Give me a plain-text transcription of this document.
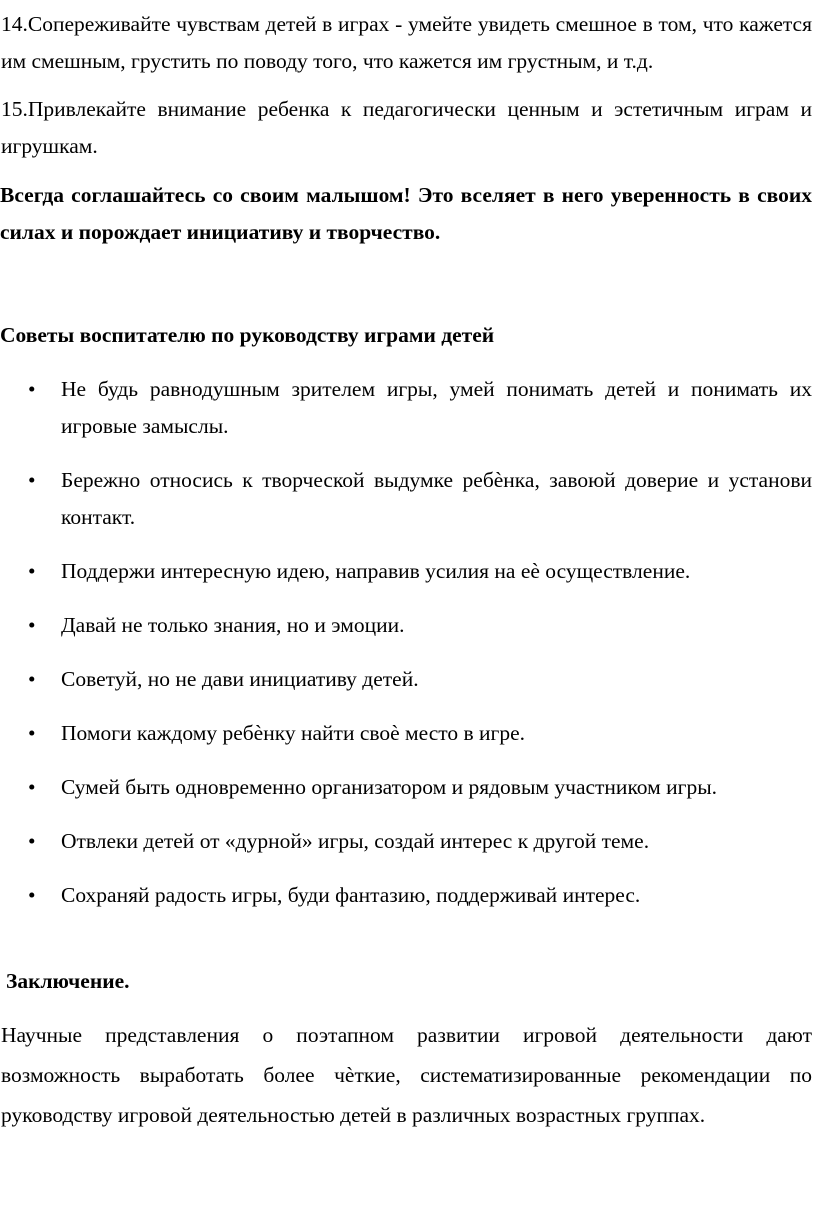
14.Сопереживайте чувствам детей в играх - умейте увидеть смешное в том, что кажется им смешным, грустить по поводу того, что кажется им грустным, и т.д.

15.Привлекайте внимание ребенка к педагогически ценным и эстетичным играм и игрушкам.

Всегда соглашайтесь со своим малышом! Это вселяет в него уверенность в своих силах и порождает инициативу и творчество.

Советы воспитателю по руководству играми детей
• Не будь равнодушным зрителем игры, умей понимать детей и понимать их игровые замыслы.
• Бережно относись к творческой выдумке ребѐнка, завоюй доверие и установи контакт.
• Поддержи интересную идею, направив усилия на еѐ осуществление.
• Давай не только знания, но и эмоции.
• Советуй, но не дави инициативу детей.
• Помоги каждому ребѐнку найти своѐ место в игре.
• Сумей быть одновременно организатором и рядовым участником игры.
• Отвлеки детей от «дурной» игры, создай интерес к другой теме.
• Сохраняй радость игры, буди фантазию, поддерживай интерес.
Заключение.

Научные представления о поэтапном развитии игровой деятельности дают возможность выработать более чѐткие, систематизированные рекомендации по руководству игровой деятельностью детей в различных возрастных группах.
